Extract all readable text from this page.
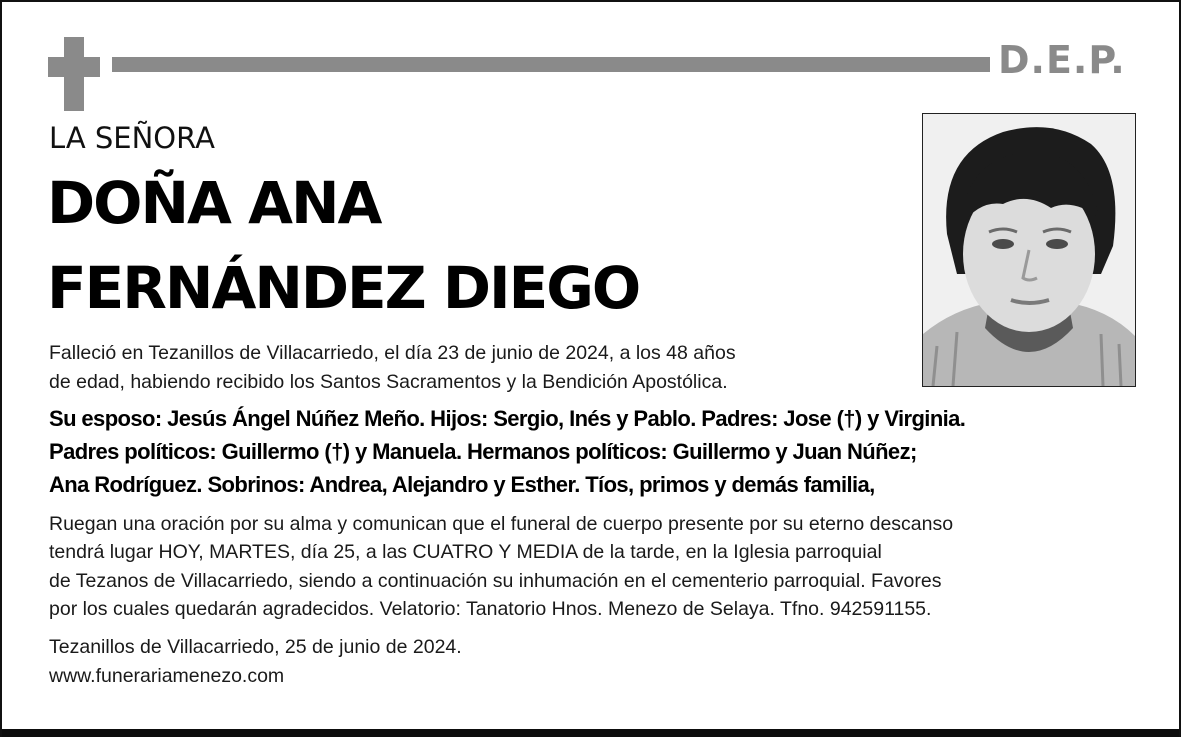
D.E.P.
LA SEÑORA
DOÑA ANA
FERNÁNDEZ DIEGO
Falleció en Tezanillos de Villacarriedo, el día 23 de junio de 2024, a los 48 años
de edad, habiendo recibido los Santos Sacramentos y la Bendición Apostólica.
Su esposo: Jesús Ángel Núñez Meño. Hijos: Sergio, Inés y Pablo. Padres: Jose (†) y Virginia.
Padres políticos: Guillermo (†) y Manuela. Hermanos políticos: Guillermo y Juan Núñez;
Ana Rodríguez. Sobrinos: Andrea, Alejandro y Esther. Tíos, primos y demás familia,
Ruegan una oración por su alma y comunican que el funeral de cuerpo presente por su eterno descanso
tendrá lugar HOY, MARTES, día 25, a las CUATRO Y MEDIA de la tarde, en la Iglesia parroquial
de Tezanos de Villacarriedo, siendo a continuación su inhumación en el cementerio parroquial. Favores
por los cuales quedarán agradecidos. Velatorio: Tanatorio Hnos. Menezo de Selaya. Tfno. 942591155.
Tezanillos de Villacarriedo, 25 de junio de 2024.
www.funerariamenezo.com
